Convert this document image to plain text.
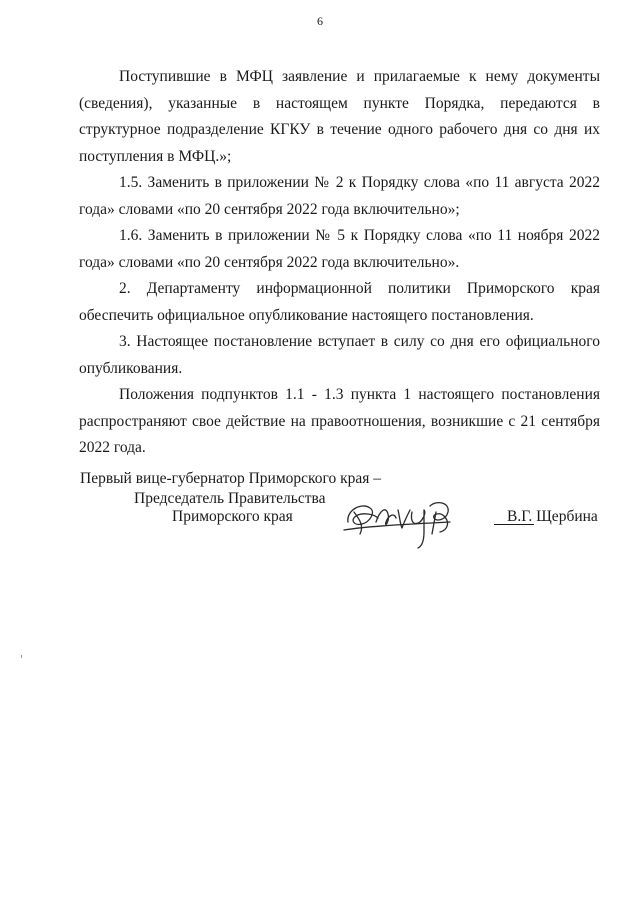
6

Поступившие в МФЦ заявление и прилагаемые к нему документы (сведения), указанные в настоящем пункте Порядка, передаются в структурное подразделение КГКУ в течение одного рабочего дня со дня их поступления в МФЦ.»;

1.5. Заменить в приложении № 2 к Порядку слова «по 11 августа 2022 года» словами «по 20 сентября 2022 года включительно»;

1.6. Заменить в приложении № 5 к Порядку слова «по 11 ноября 2022 года» словами «по 20 сентября 2022 года включительно».

2. Департаменту информационной политики Приморского края обеспечить официальное опубликование настоящего постановления.

3. Настоящее постановление вступает в силу со дня его официального опубликования.

Положения подпунктов 1.1 - 1.3 пункта 1 настоящего постановления распространяют свое действие на правоотношения, возникшие с 21 сентября 2022 года.

Первый вице-губернатор Приморского края –
Председатель Правительства
Приморского края	В.Г. Щербина
